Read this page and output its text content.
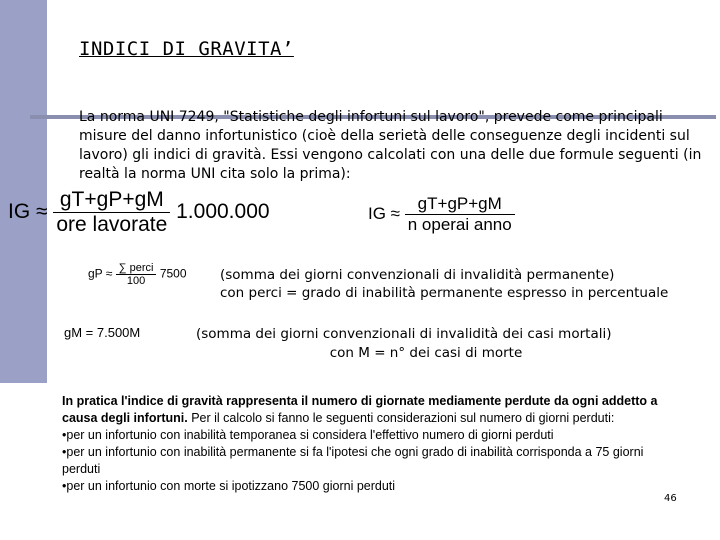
INDICI DI GRAVITA’
La norma UNI 7249, "Statistiche degli infortuni sul lavoro", prevede come principali misure del danno infortunistico (cioè della serietà delle conseguenze degli incidenti sul lavoro) gli indici di gravità. Essi vengono calcolati con una delle due formule seguenti (in realtà la norma UNI cita solo la prima):
IG ≈ $\frac{gT+gP+gM}{\text{ore lavorate}} 1.000.000$	IG ≈ $\frac{gT+gP+gM}{\text{n operai anno}}$
gP ≈ $\frac{\text{∑ perci}}{100} 7500$ (somma dei giorni convenzionali di invalidità permanente)
con perci = grado di inabilità permanente espresso in percentuale
gM = 7.500M	(somma dei giorni convenzionali di invalidità dei casi mortali)
con M = n° dei casi di morte
In pratica l'indice di gravità rappresenta il numero di giornate mediamente perdute da ogni addetto a causa degli infortuni. Per il calcolo si fanno le seguenti considerazioni sul numero di giorni perduti:
•per un infortunio con inabilità temporanea si considera l'effettivo numero di giorni perduti
•per un infortunio con inabilità permanente si fa l'ipotesi che ogni grado di inabilità corrisponda a 75 giorni perduti
•per un infortunio con morte si ipotizzano 7500 giorni perduti
46
